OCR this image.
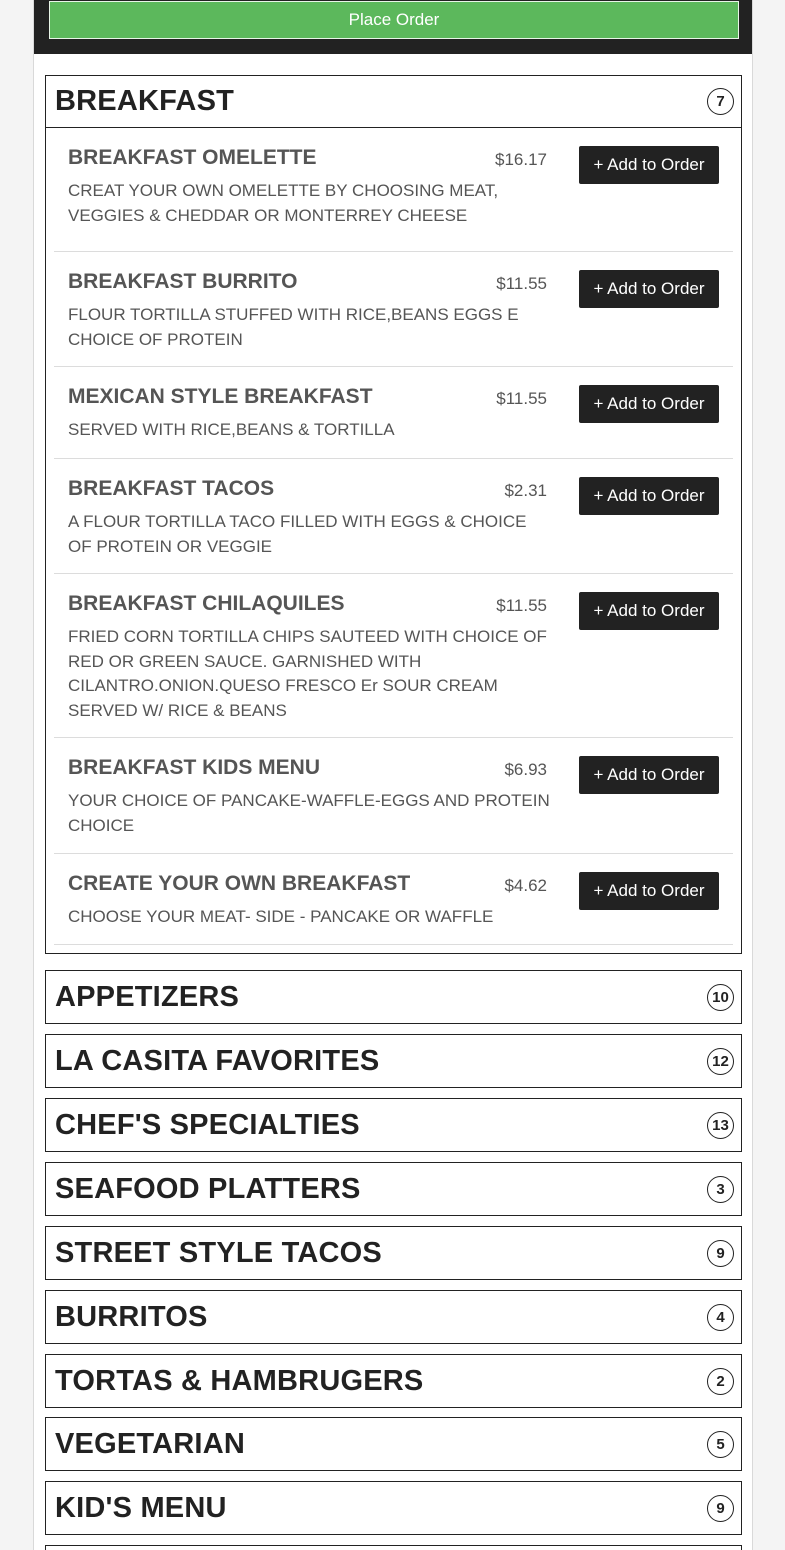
Place Order
BREAKFAST	7
BREAKFAST OMELETTE	$16.17
CREAT YOUR OWN OMELETTE BY CHOOSING MEAT, VEGGIES & CHEDDAR OR MONTERREY CHEESE
+ Add to Order
BREAKFAST BURRITO	$11.55
FLOUR TORTILLA STUFFED WITH RICE,BEANS EGGS E CHOICE OF PROTEIN
+ Add to Order
MEXICAN STYLE BREAKFAST	$11.55
SERVED WITH RICE,BEANS & TORTILLA
+ Add to Order
BREAKFAST TACOS	$2.31
A FLOUR TORTILLA TACO FILLED WITH EGGS & CHOICE OF PROTEIN OR VEGGIE
+ Add to Order
BREAKFAST CHILAQUILES	$11.55
FRIED CORN TORTILLA CHIPS SAUTEED WITH CHOICE OF RED OR GREEN SAUCE. GARNISHED WITH CILANTRO.ONION.QUESO FRESCO Er SOUR CREAM SERVED W/ RICE & BEANS
+ Add to Order
BREAKFAST KIDS MENU	$6.93
YOUR CHOICE OF PANCAKE-WAFFLE-EGGS AND PROTEIN CHOICE
+ Add to Order
CREATE YOUR OWN BREAKFAST	$4.62
CHOOSE YOUR MEAT- SIDE - PANCAKE OR WAFFLE
+ Add to Order
APPETIZERS	10
LA CASITA FAVORITES	12
CHEF'S SPECIALTIES	13
SEAFOOD PLATTERS	3
STREET STYLE TACOS	9
BURRITOS	4
TORTAS & HAMBRUGERS	2
VEGETARIAN	5
KID'S MENU	9
